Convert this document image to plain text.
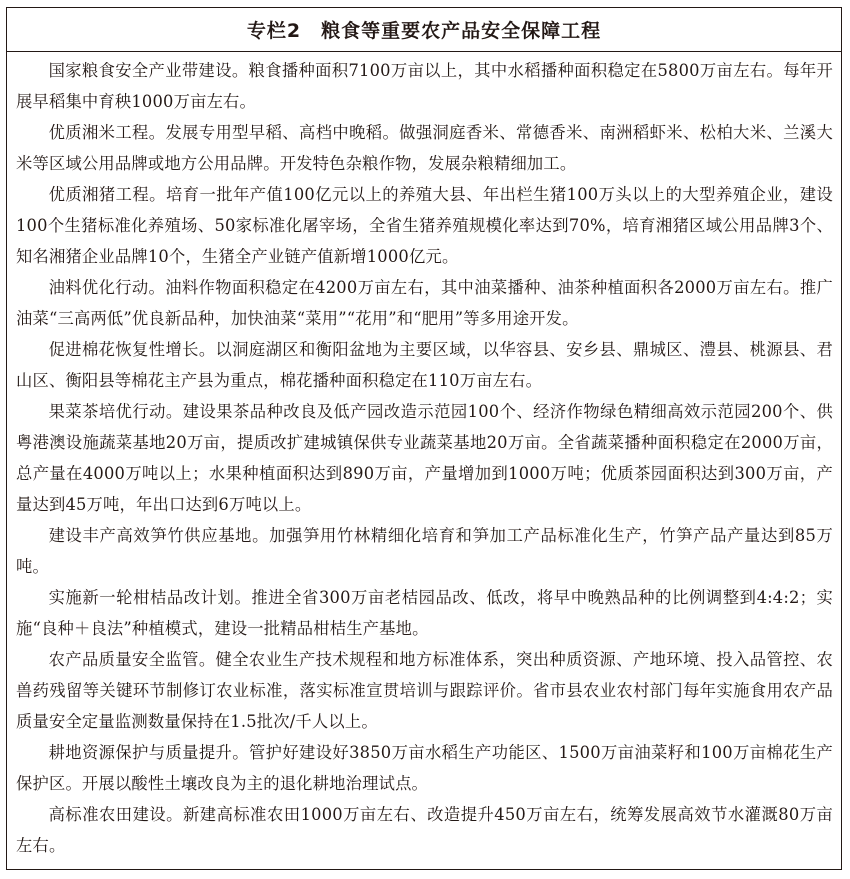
专栏2　粮食等重要农产品安全保障工程

国家粮食安全产业带建设。粮食播种面积7100万亩以上，其中水稻播种面积稳定在5800万亩左右。每年开展早稻集中育秧1000万亩左右。

优质湘米工程。发展专用型早稻、高档中晚稻。做强洞庭香米、常德香米、南洲稻虾米、松柏大米、兰溪大米等区域公用品牌或地方公用品牌。开发特色杂粮作物，发展杂粮精细加工。

优质湘猪工程。培育一批年产值100亿元以上的养殖大县、年出栏生猪100万头以上的大型养殖企业，建设100个生猪标准化养殖场、50家标准化屠宰场，全省生猪养殖规模化率达到70%，培育湘猪区域公用品牌3个、知名湘猪企业品牌10个，生猪全产业链产值新增1000亿元。

油料优化行动。油料作物面积稳定在4200万亩左右，其中油菜播种、油茶种植面积各2000万亩左右。推广油菜“三高两低”优良新品种，加快油菜“菜用”“花用”和“肥用”等多用途开发。

促进棉花恢复性增长。以洞庭湖区和衡阳盆地为主要区域，以华容县、安乡县、鼎城区、澧县、桃源县、君山区、衡阳县等棉花主产县为重点，棉花播种面积稳定在110万亩左右。

果菜茶培优行动。建设果茶品种改良及低产园改造示范园100个、经济作物绿色精细高效示范园200个、供粤港澳设施蔬菜基地20万亩，提质改扩建城镇保供专业蔬菜基地20万亩。全省蔬菜播种面积稳定在2000万亩，总产量在4000万吨以上；水果种植面积达到890万亩，产量增加到1000万吨；优质茶园面积达到300万亩，产量达到45万吨，年出口达到6万吨以上。

建设丰产高效笋竹供应基地。加强笋用竹林精细化培育和笋加工产品标准化生产，竹笋产品产量达到85万吨。

实施新一轮柑桔品改计划。推进全省300万亩老桔园品改、低改，将早中晚熟品种的比例调整到4:4:2；实施“良种＋良法”种植模式，建设一批精品柑桔生产基地。

农产品质量安全监管。健全农业生产技术规程和地方标准体系，突出种质资源、产地环境、投入品管控、农兽药残留等关键环节制修订农业标准，落实标准宣贯培训与跟踪评价。省市县农业农村部门每年实施食用农产品质量安全定量监测数量保持在1.5批次/千人以上。

耕地资源保护与质量提升。管护好建设好3850万亩水稻生产功能区、1500万亩油菜籽和100万亩棉花生产保护区。开展以酸性土壤改良为主的退化耕地治理试点。

高标准农田建设。新建高标准农田1000万亩左右、改造提升450万亩左右，统筹发展高效节水灌溉80万亩左右。
